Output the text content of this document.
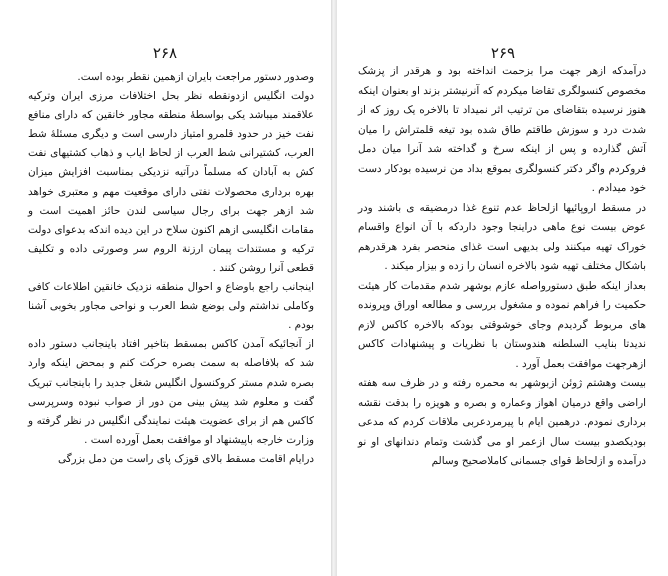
۲۶۸

وصدور دستور مراجعت بایران ازهمین نقطر بوده است.

دولت انگلیس ازدونقطه نظر بحل اختلافات مرزی ایران وترکیه علاقمند میباشد یکی بواسطهٔ منطقه مجاور خانقین که دارای منافع نفت خیز در حدود قلمرو امتیاز دارسی است و دیگری مسئلهٔ شط العرب، کشتیرانی شط العرب از لحاظ ایاب و ذهاب کشتیهای نفت کش به آبادان که مسلماً درآتیه نزدیکی بمناسبت افزایش میزان بهره برداری محصولات نفتی دارای موقعیت مهم و معتبری خواهد شد ازهر جهت برای رجال سیاسی لندن حائز اهمیت است و مقامات انگلیسی ازهم اکنون سلاح در این دیده اندکه بدعوای دولت ترکیه و مستندات پیمان ارزنة الروم سر وصورتی داده و تکلیف قطعی آنرا روشن کنند .

اینجانب راجع باوضاع و احوال منطقه نزدیک خانقین اطلاعات کافی وکاملی نداشتم ولی بوضع شط العرب و نواحی مجاور بخوبی آشنا بودم .

از آنجائیکه آمدن کاکس بمسقط بتاخیر افتاد باینجانب دستور داده شد که بلافاصله به سمت بصره حرکت کنم و بمحض اینکه وارد بصره شدم مستر کروکنسول انگلیس شغل جدید را باینجانب تبریک گفت و معلوم شد پیش بینی من دور از صواب نبوده وسرپرسی کاکس هم از برای عضویت هیئت نمایندگی انگلیس در نظر گرفته و وزارت خارجه باپیشنهاد او موافقت بعمل آورده است .

درایام اقامت مسقط بالای قوزک پای راست من دمل بزرگی

۲۶۹

درآمدکه ازهر جهت مرا بزحمت انداخته بود و هرقدر از پزشک مخصوص کنسولگری تقاضا میکردم که آنرنیشتر بزند او بعنوان اینکه هنوز نرسیده بتقاضای من ترتیب اثر نمیداد تا بالاخره یک روز که از شدت درد و سوزش طاقتم طاق شده بود تیغه قلمتراش را میان آتش گذارده و پس از اینکه سرخ و گداخته شد آنرا میان دمل فروکردم واگر دکتر کنسولگری بموقع بداد من نرسیده بودکار دست خود میدادم .

در مسقط اروپائیها ازلحاظ عدم تنوع غذا درمضیقه ی باشند ودر عوض بیست نوع ماهی دراینجا وجود داردکه با آن انواع واقسام خوراک تهیه میکنند ولی بدیهی است غذای منحصر بفرد هرقدرهم باشکال مختلف تهیه شود بالاخره انسان را زده و بیزار میکند .

بعداز اینکه طبق دستورواصله عازم بوشهر شدم مقدمات کار هیئت حکمیت را فراهم نموده و مشغول بررسی و مطالعه اوراق وپرونده های مربوط گردیدم وجای خوشوقتی بودکه بالاخره کاکس لازم ندیدتا بنایب السلطنه هندوستان با نظریات و پیشنهادات کاکس ازهرجهت موافقت بعمل آورد .

بیست وهشتم ژوئن ازبوشهر به محمره رفته و در ظرف سه هفته اراضی واقع درمیان اهواز وعماره و بصره و هویزه را بدقت نقشه برداری نمودم. درهمین ایام با پیرمردعربی ملاقات کردم که مدعی بودیکصدو بیست سال ازعمر او می گذشت وتمام دندانهای او نو درآمده و ازلحاظ قوای جسمانی کاملاصحیح وسالم
